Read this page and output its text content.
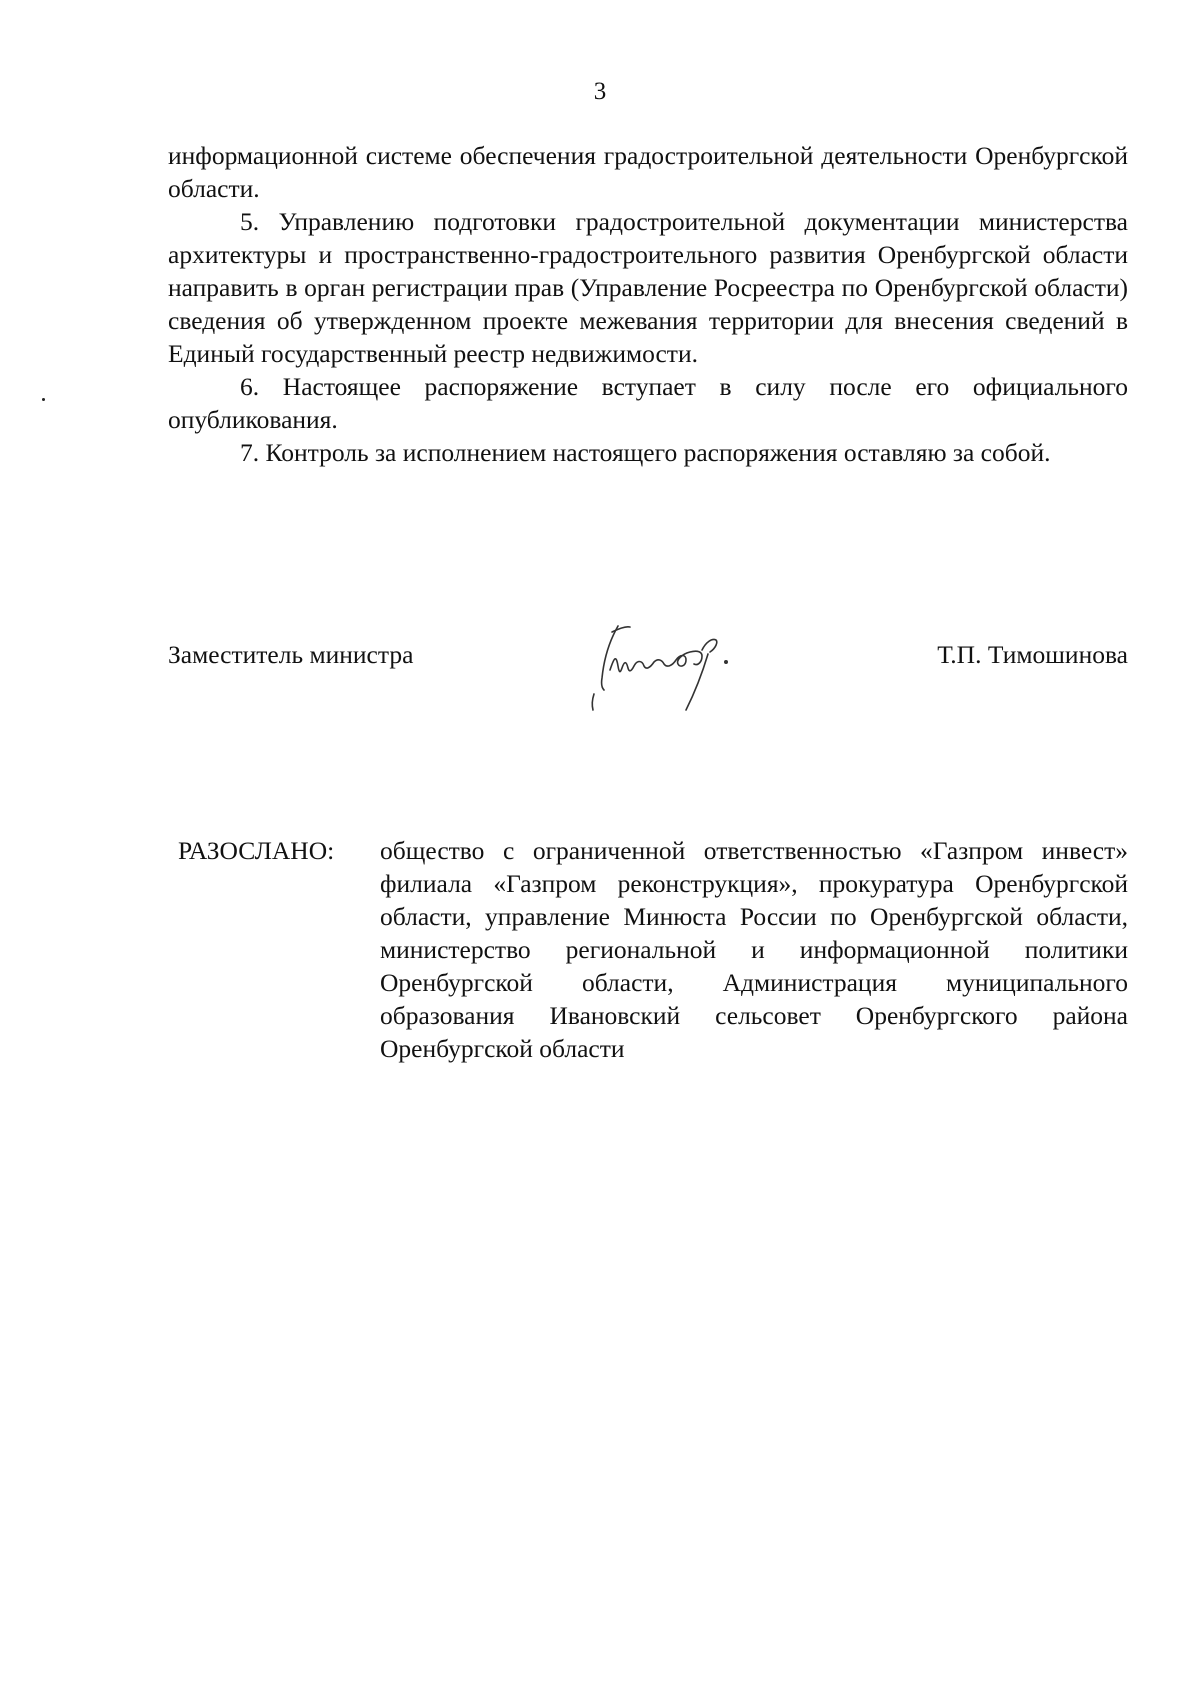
3

информационной системе обеспечения градостроительной деятельности Оренбургской области.

5. Управлению подготовки градостроительной документации министерства архитектуры и пространственно-градостроительного развития Оренбургской области направить в орган регистрации прав (Управление Росреестра по Оренбургской области) сведения об утвержденном проекте межевания территории для внесения сведений в Единый государственный реестр недвижимости.

6. Настоящее распоряжение вступает в силу после его официального опубликования.

7. Контроль за исполнением настоящего распоряжения оставляю за собой.

Заместитель министра	Т.П. Тимошинова
РАЗОСЛАНО: общество с ограниченной ответственностью «Газпром инвест» филиала «Газпром реконструкция», прокуратура Оренбургской области, управление Минюста России по Оренбургской области, министерство региональной и информационной политики Оренбургской области, Администрация муниципального образования Ивановский сельсовет Оренбургского района Оренбургской области
